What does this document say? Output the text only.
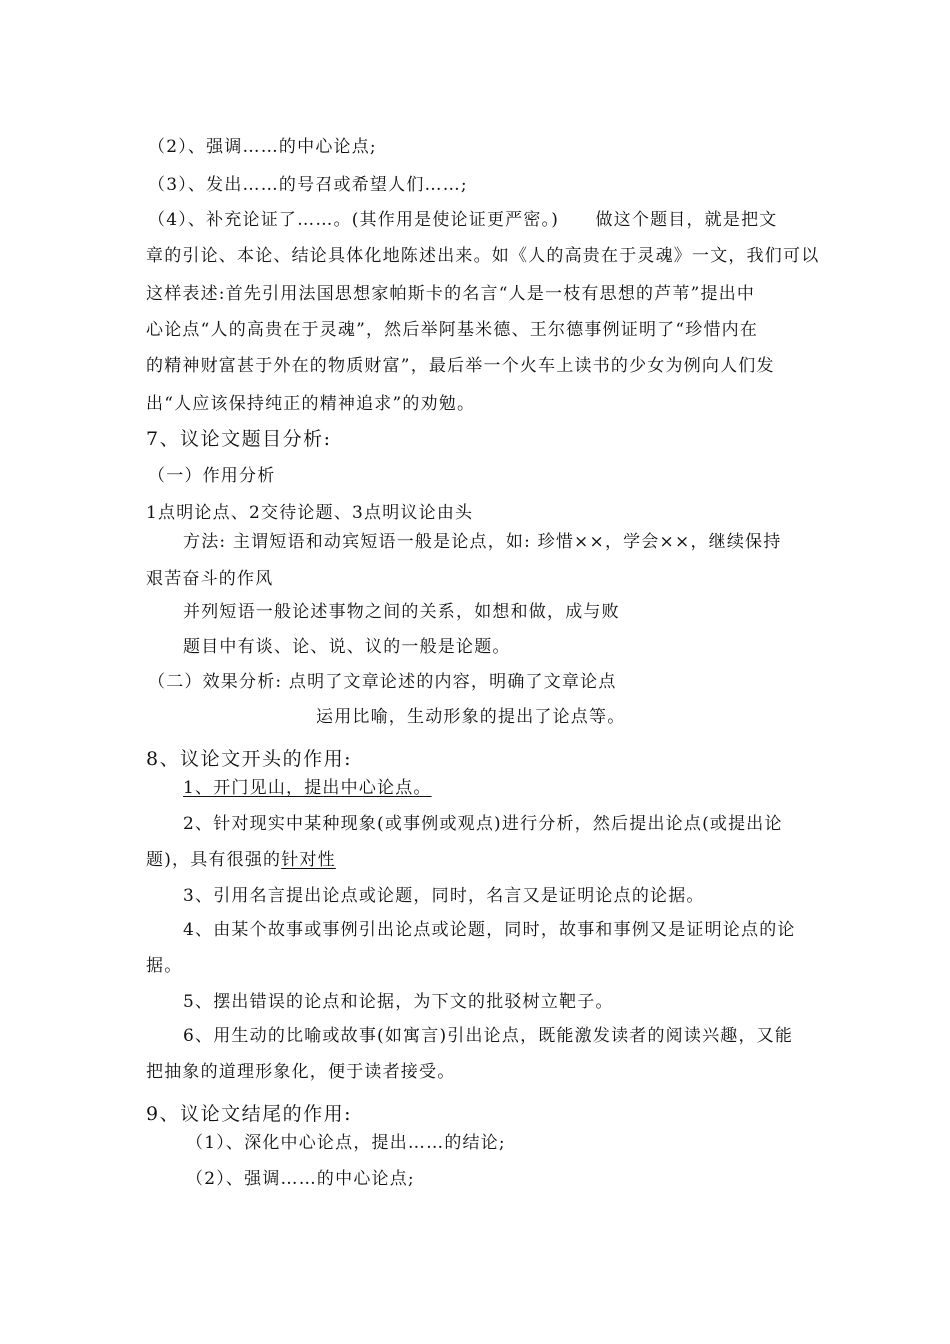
（2）、强调……的中心论点;
（3）、发出……的号召或希望人们……;
（4）、补充论证了……。(其作用是使论证更严密。)　　做这个题目，就是把文
章的引论、本论、结论具体化地陈述出来。如《人的高贵在于灵魂》一文，我们可以
这样表述:首先引用法国思想家帕斯卡的名言“人是一枝有思想的芦苇”提出中
心论点“人的高贵在于灵魂”，然后举阿基米德、王尔德事例证明了“珍惜内在
的精神财富甚于外在的物质财富”，最后举一个火车上读书的少女为例向人们发
出“人应该保持纯正的精神追求”的劝勉。
7、议论文题目分析:
（一）作用分析
1点明论点、2交待论题、3点明议论由头
方法: 主谓短语和动宾短语一般是论点，如: 珍惜××，学会××，继续保持
艰苦奋斗的作风
并列短语一般论述事物之间的关系，如想和做，成与败
题目中有谈、论、说、议的一般是论题。
（二）效果分析: 点明了文章论述的内容，明确了文章论点
运用比喻，生动形象的提出了论点等。
8、议论文开头的作用:
1、开门见山，提出中心论点。
2、针对现实中某种现象(或事例或观点)进行分析，然后提出论点(或提出论
题)，具有很强的针对性
3、引用名言提出论点或论题，同时，名言又是证明论点的论据。
4、由某个故事或事例引出论点或论题，同时，故事和事例又是证明论点的论
据。
5、摆出错误的论点和论据，为下文的批驳树立靶子。
6、用生动的比喻或故事(如寓言)引出论点，既能激发读者的阅读兴趣，又能
把抽象的道理形象化，便于读者接受。
9、议论文结尾的作用:
（1）、深化中心论点，提出……的结论;
（2）、强调……的中心论点;
